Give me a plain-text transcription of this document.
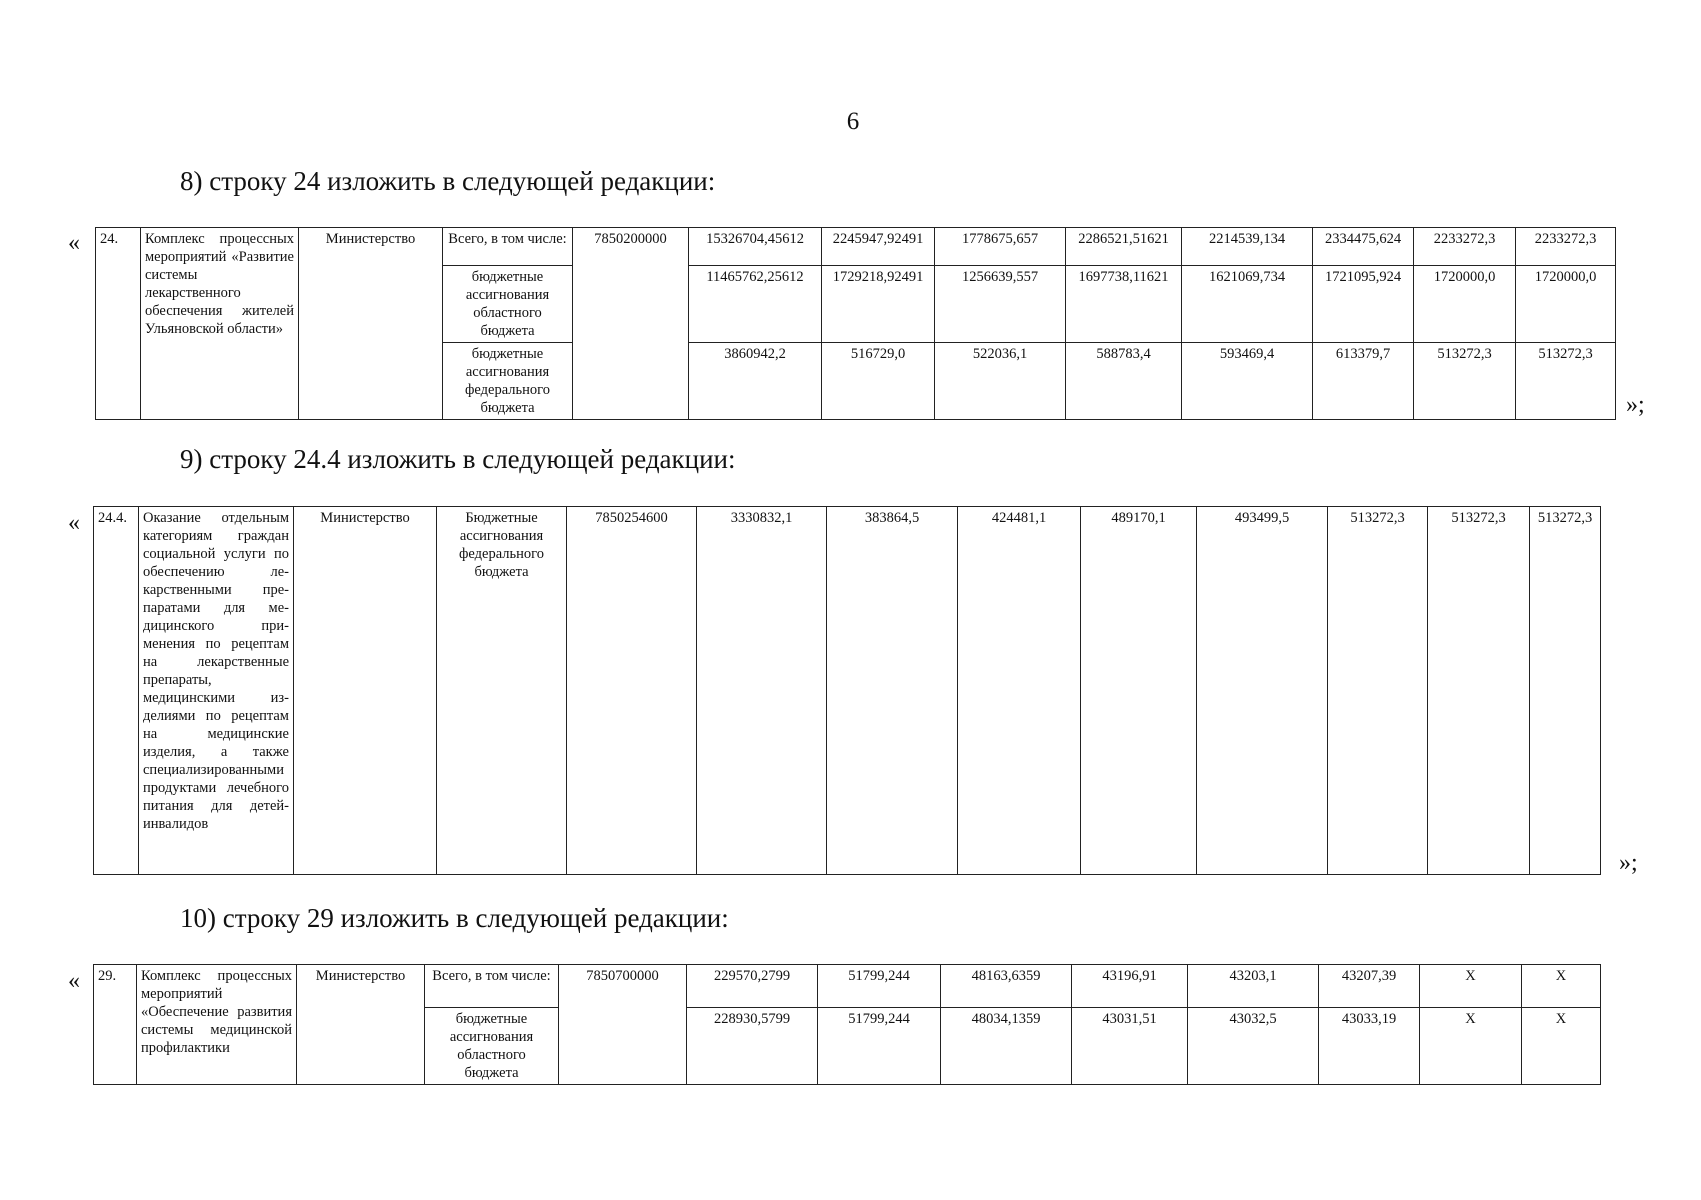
6
8) строку 24 изложить в следующей редакции:
« 24.	Комплекс процессных мероприятий «Развитие системы лекарственного обеспечения жителей Ульяновской области»	Министерство	Всего, в том числе:	7850200000	15326704,45612	2245947,92491	1778675,657	2286521,51621	2214539,134	2334475,624	2233272,3	2233272,3
			бюджетные ассигнования областного бюджета		11465762,25612	1729218,92491	1256639,557	1697738,11621	1621069,734	1721095,924	1720000,0	1720000,0
			бюджетные ассигнования федерального бюджета		3860942,2	516729,0	522036,1	588783,4	593469,4	613379,7	513272,3	513272,3
»;
9) строку 24.4 изложить в следующей редакции:
« 24.4.	Оказание отдельным категориям граждан социальной услуги по обеспечению лекарственными препаратами для медицинского применения по рецептам на лекарственные препараты, медицинскими изделиями по рецептам на медицинские изделия, а также специализированными продуктами лечебного питания для детей-инвалидов	Министерство	Бюджетные ассигнования федерального бюджета	7850254600	3330832,1	383864,5	424481,1	489170,1	493499,5	513272,3	513272,3	513272,3
»;
10) строку 29 изложить в следующей редакции:
« 29.	Комплекс процессных мероприятий «Обеспечение развития системы медицинской профилактики	Министерство	Всего, в том числе:	7850700000	229570,2799	51799,244	48163,6359	43196,91	43203,1	43207,39	Х	Х
			бюджетные ассигнования областного бюджета		228930,5799	51799,244	48034,1359	43031,51	43032,5	43033,19	Х	Х
